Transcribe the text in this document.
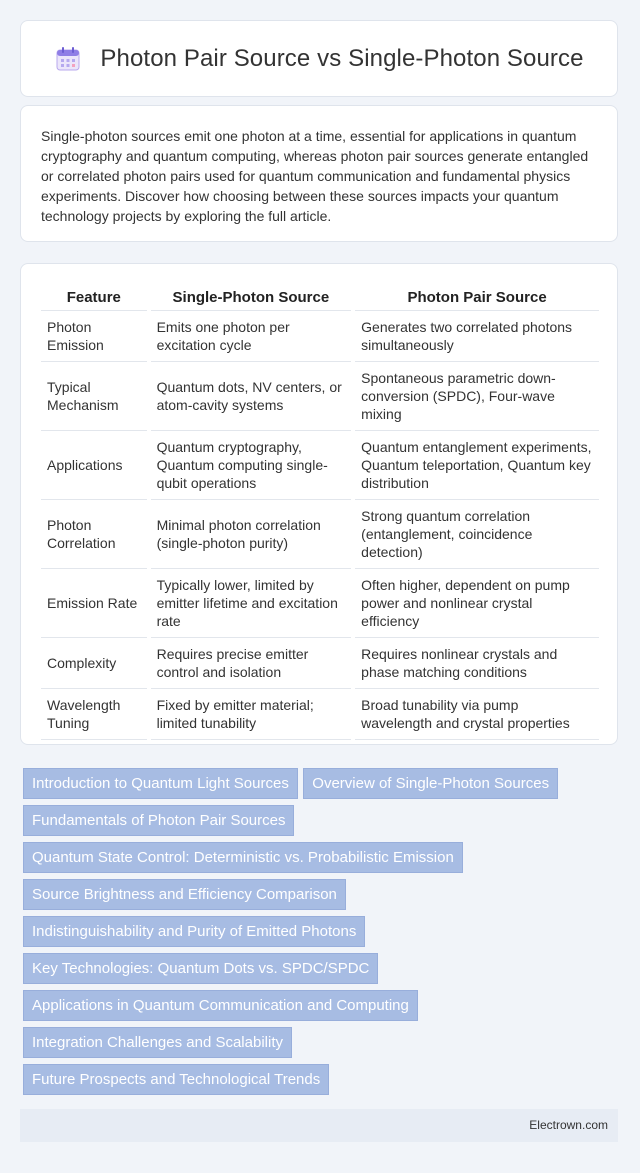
Photon Pair Source vs Single-Photon Source

Single-photon sources emit one photon at a time, essential for applications in quantum cryptography and quantum computing, whereas photon pair sources generate entangled or correlated photon pairs used for quantum communication and fundamental physics experiments. Discover how choosing between these sources impacts your quantum technology projects by exploring the full article.

Feature	Single-Photon Source	Photon Pair Source
Photon Emission	Emits one photon per excitation cycle	Generates two correlated photons simultaneously
Typical Mechanism	Quantum dots, NV centers, or atom-cavity systems	Spontaneous parametric down-conversion (SPDC), Four-wave mixing
Applications	Quantum cryptography, Quantum computing single-qubit operations	Quantum entanglement experiments, Quantum teleportation, Quantum key distribution
Photon Correlation	Minimal photon correlation (single-photon purity)	Strong quantum correlation (entanglement, coincidence detection)
Emission Rate	Typically lower, limited by emitter lifetime and excitation rate	Often higher, dependent on pump power and nonlinear crystal efficiency
Complexity	Requires precise emitter control and isolation	Requires nonlinear crystals and phase matching conditions
Wavelength Tuning	Fixed by emitter material; limited tunability	Broad tunability via pump wavelength and crystal properties
Introduction to Quantum Light Sources Overview of Single-Photon Sources
Fundamentals of Photon Pair Sources
Quantum State Control: Deterministic vs. Probabilistic Emission
Source Brightness and Efficiency Comparison
Indistinguishability and Purity of Emitted Photons
Key Technologies: Quantum Dots vs. SPDC/SPDC
Applications in Quantum Communication and Computing
Integration Challenges and Scalability
Future Prospects and Technological Trends
Electrown.com
